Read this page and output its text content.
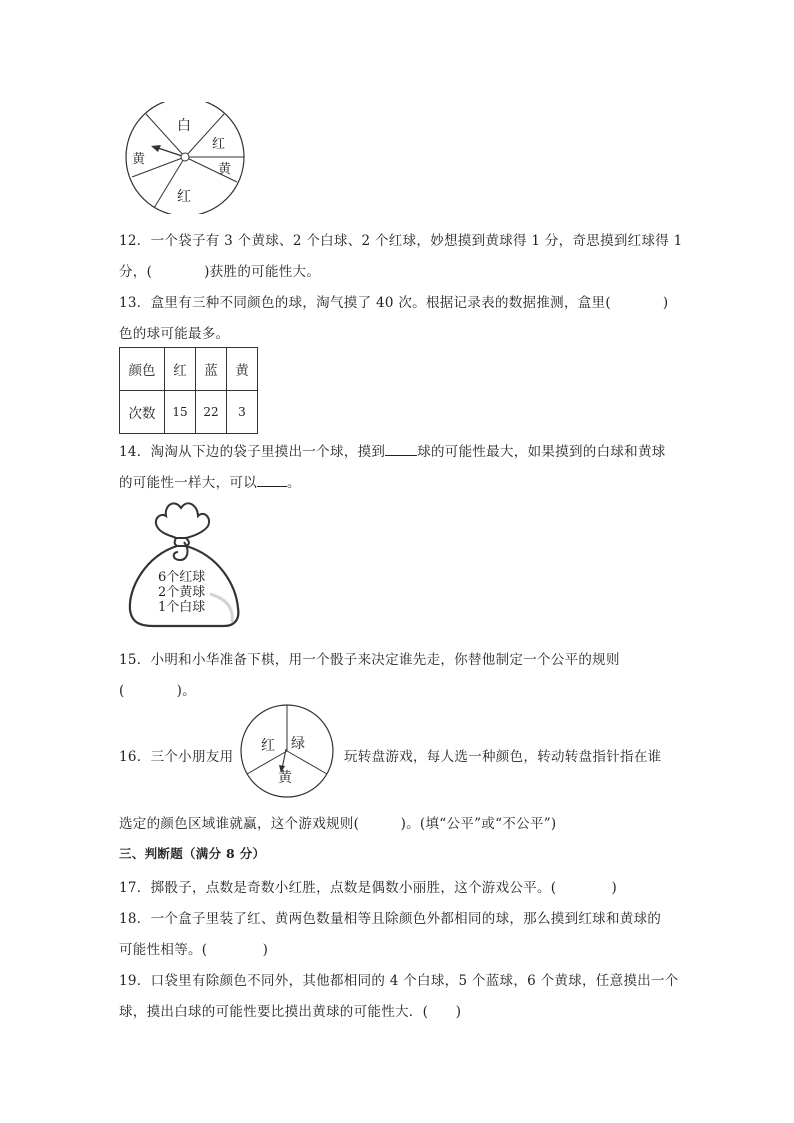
白
红
黄
黄
红
12．一个袋子有 3 个黄球、2 个白球、2 个红球，妙想摸到黄球得 1 分，奇思摸到红球得 1
分，(	)获胜的可能性大。
13．盒里有三种不同颜色的球，淘气摸了 40 次。根据记录表的数据推测，盒里(	)
色的球可能最多。
颜色	红	蓝	黄
次数	15	22	3
14．淘淘从下边的袋子里摸出一个球，摸到 球的可能性最大，如果摸到的白球和黄球
的可能性一样大，可以 。
6个红球
2个黄球
1个白球
15．小明和小华准备下棋，用一个骰子来决定谁先走，你替他制定一个公平的规则
(	)。
16．三个小朋友用
红 绿
黄
玩转盘游戏，每人选一种颜色，转动转盘指针指在谁
选定的颜色区域谁就赢，这个游戏规则(　　　)。(填“公平”或“不公平”)
三、判断题（满分 8 分）
17．掷骰子，点数是奇数小红胜，点数是偶数小丽胜，这个游戏公平。(　　　　)
18．一个盒子里装了红、黄两色数量相等且除颜色外都相同的球，那么摸到红球和黄球的
可能性相等。(　　　　)
19．口袋里有除颜色不同外，其他都相同的 4 个白球，5 个蓝球，6 个黄球，任意摸出一个
球，摸出白球的可能性要比摸出黄球的可能性大．(　　)
